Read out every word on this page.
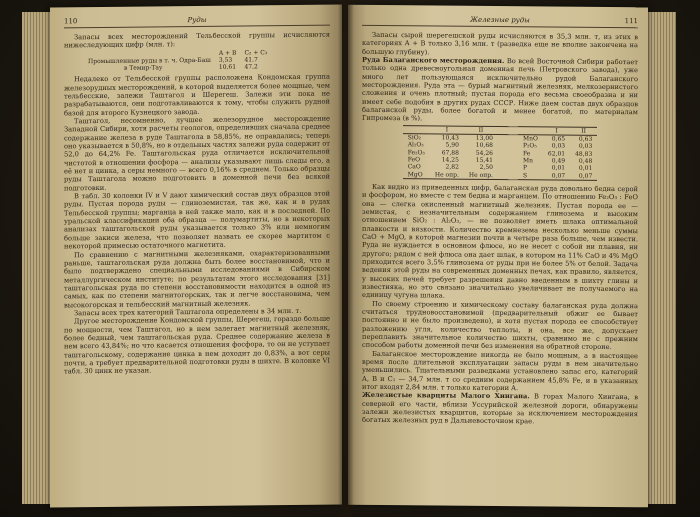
110	Руды

Запасы всех месторождений Тельбесской группы исчисляются нижеследующих цифр (млн. т):

	A + B	C₂ + C₃
Промышленные руды в т. ч. Одра-Баш	3,53	41,7
в Темир-Тау	10,61	47,2

Недалеко от Тельбесской группы расположена Кондомская группа железорудных месторождений, в которой выделяется более мощные, чем тельбесские, залежи Таштагол и Шерегеш. Залежи эти пока не разрабатываются, они подготавливаются к тому, чтобы служить рудной базой для второго Кузнецкого завода.

Таштагол, несомненно, лучшее железорудное месторождение Западной Сибири, хотя расчеты геологов, определивших сначала среднее содержание железа в руде Таштагола в 58,85%, не оправдались; теперь оно указывается в 50,8%, но в отдельных частях залежи руда содержит от 52,0 до 64,2% Fe. Таштагольская руда отличается исключительной чистотой в отношении фосфора — анализы указывают лишь следы его, а её нет и цинка, а серы немного — всего 0,16% в среднем. Только образцы руды Таштагола можно подготовить в доменной печи без всякой подготовки.

В табл. 30 колонки IV и V дают химический состав двух образцов этой руды. Пустая порода руды — глиноземистая, так же, как и в рудах Тельбесской группы; марганца в ней также мало, как и в последней. По уральской классификации оба образца — полумартиты, но в некоторых анализах таштагольской руды указывается только 3% или немногим больше закиси железа, что позволяет назвать ее скорее мартитом с некоторой примесью остаточного магнетита.

По сравнению с магнитными железняками, охарактеризованными раньше, таштагольская руда должна быть более восстановимой, что и было подтверждено специальными исследованиями в Сибирском металлургическом институте; по результатам этого исследования [31] таштагольская руда по степени восстановимости находится в одной из самых, как по степени магнитогорских, так и легче восстановима, чем высокогорская и тельбесский магнитный железняк.

Запасы всех трех категорий Таштагола определены в 34 млн. т.

Другое месторождение Кондомской группы, Шерегеш, гораздо больше по мощности, чем Таштагол, но в нем залегает магнитный железняк, более бедный, чем таштагольская руда. Среднее содержание железа в нем всего 43,84%; но что касается отношения фосфора, то он не уступает таштагольскому, содержание цинка в нем доходит до 0,83%, а вот серы почти, а требует предварительной подготовки руды в шихте. В колонке VI табл. 30 цинк не указан.

Железные руды	111

Запасы сырой шерегешской руды исчисляются в 35,3 млн. т, из этих в категориях A + B только 3,16 млн. т (разведка еще не вполне закончена на большую глубину).

Руда Балаганского месторождения. Во всей Восточной Сибири работает только одна древесноугольная доменная печь (Петровского завода), уже много лет пользующаяся исключительно рудой Балаганского месторождения. Руда эта — бурый магнитный железняк, мелкозернистого сложения и очень плотный; пустая порода его весьма своеобразна и ни имеет себе подобия в других рудах СССР. Ниже даем состав двух образцов балаганской руды, более богатой и менее богатой, по материалам Гипромеза (в %).

	I	II			I	II
SiO₂	10,43	13,00		MnO	0,65	0,63
Al₂O₃	5,90	10,68		P₂O₅	0,03	0,03
Fe₂O₃	67,88	54,26		Fe	62,01	48,83
FeO	14,25	15,41		Mn	0,49	0,48
CaO	2,82	2,50		P	0,01	0,01
MgO	Не опр.	Не опр.		S	0,07	0,07

Как видно из приведенных цифр, балаганская руда довольно бедна серой и фосфором, но вместе с тем бедна и марганцем. По отношению Fe₂O₃ : FeO она — слегка окисленный магнитный железняк. Пустая порода ее — земистая, с незначительным содержанием глинозема и высоким отношением SiO₂ : Al₂O₃, — не позволяет иметь шлака оптимальной плавкости и вязкости. Количество кремнезема несколько меньше суммы CaO + MgO, в которой магнезии почти в четыре раза больше, чем извести. Руда не нуждается в основном флюсе, но не несет с собой ни плавня, ни другого; рядом с ней флюса она дает шлак, в котором на 11% CaO и 4% MgO приходится всего 3,5% глинозема от руды при не более 5% от белой. Задача ведения этой руды на современных доменных печах, как правило, является, у высоких печей требует разрешения давно введенным в шихту глины и известняка, но это связано значительно увеличивает не получаемого на единицу чугуна шлака.

По своему строению и химическому составу балаганская руда должна считаться трудновосстановимой (предварительный обжиг ее бывает постоянно и не было произведено), и хотя пустая порода ее способствует разложению угля, количество теплоты, и она, все же, допускает переплавить значительное количество шихты, сравнимо не с прежним способом работы доменной печи без изменения на обратной стороне.

Балаганское месторождение никогда не было мощным, а в настоящее время после длительной эксплуатации запасы руды в нем значительно уменьшились. Тщательными разведками установлено запас его, категорий A, B и C₁ — 34,7 млн. т со средним содержанием 45,8% Fe, и в указанных итог входят 2,84 млн. т только категории A.

Железистые кварциты Малого Хингана. В горах Малого Хингана, в северной его части, вблизи Уссурийской железной дороги, обнаружены залежи железистых кварцитов, которые за исключением месторождения богатых железных руд в Дальневосточном крае.
